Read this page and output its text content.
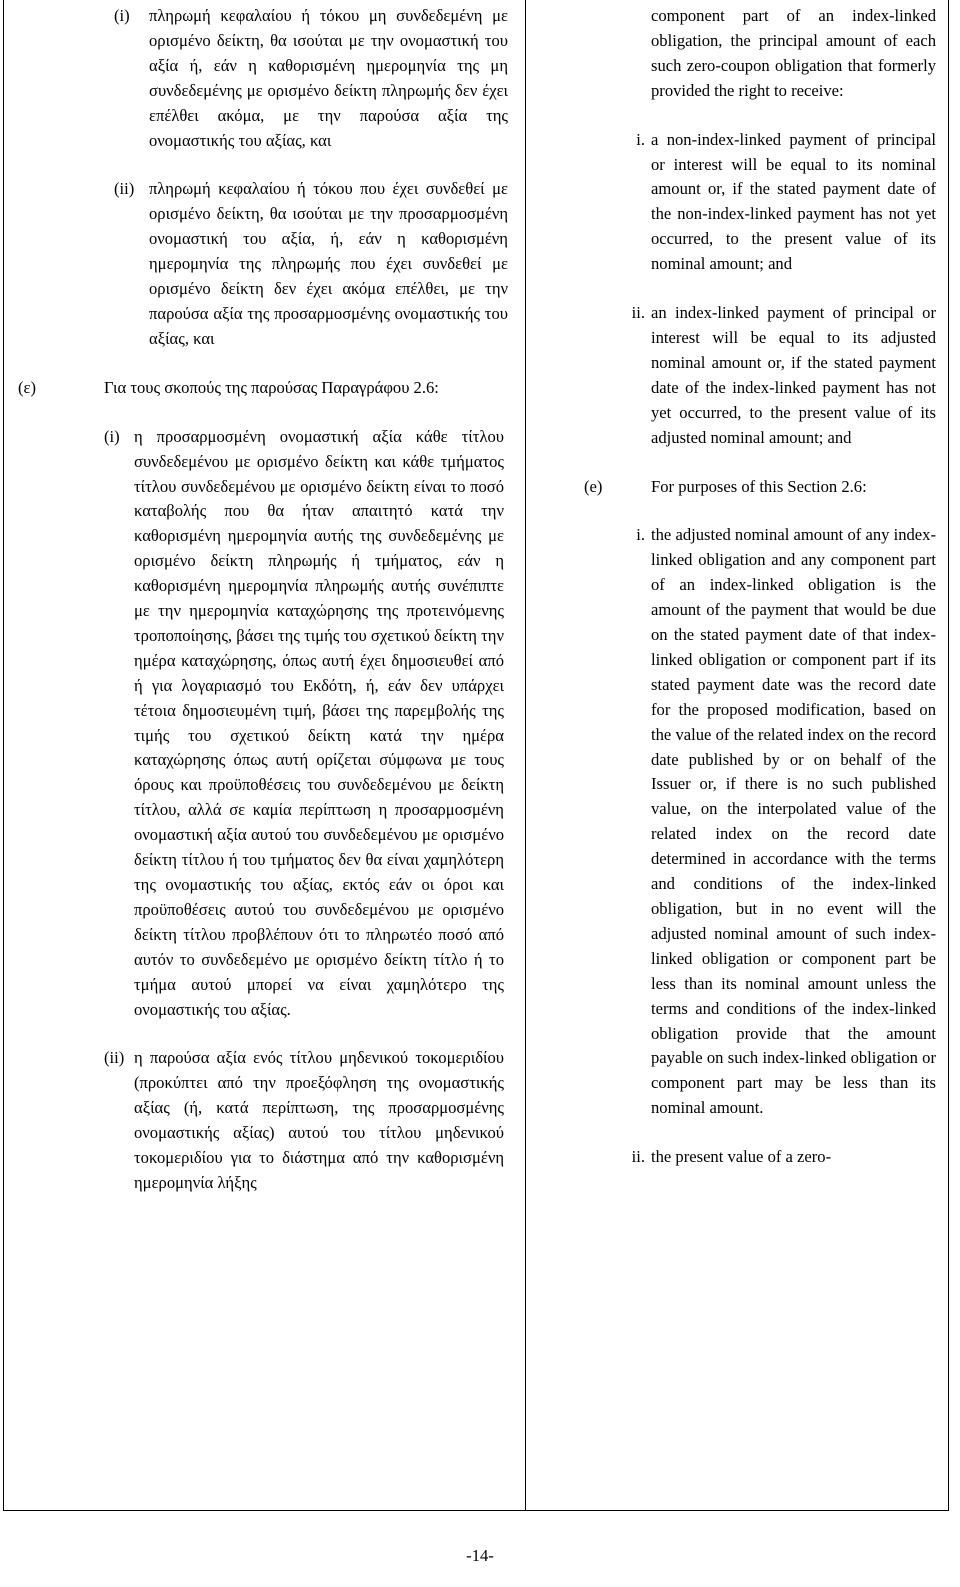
(i)	πληρωμή κεφαλαίου ή τόκου μη συνδεδεμένη με ορισμένο δείκτη, θα ισούται με την ονομαστική του αξία ή, εάν η καθορισμένη ημερομηνία της μη συνδεδεμένης με ορισμένο δείκτη πληρωμής δεν έχει επέλθει ακόμα, με την παρούσα αξία της ονομαστικής του αξίας, και
(ii) πληρωμή κεφαλαίου ή τόκου που έχει συνδεθεί με ορισμένο δείκτη, θα ισούται με την προσαρμοσμένη ονομαστική του αξία, ή, εάν η καθορισμένη ημερομηνία της πληρωμής που έχει συνδεθεί με ορισμένο δείκτη δεν έχει ακόμα επέλθει, με την παρούσα αξία της προσαρμοσμένης ονομαστικής του αξίας, και
(ε)	Για τους σκοπούς της παρούσας Παραγράφου 2.6:
(i) η προσαρμοσμένη ονομαστική αξία κάθε τίτλου συνδεδεμένου με ορισμένο δείκτη και κάθε τμήματος τίτλου συνδεδεμένου με ορισμένο δείκτη είναι το ποσό καταβολής που θα ήταν απαιτητό κατά την καθορισμένη ημερομηνία αυτής της συνδεδεμένης με ορισμένο δείκτη πληρωμής ή τμήματος, εάν η καθορισμένη ημερομηνία πληρωμής αυτής συνέπιπτε με την ημερομηνία καταχώρησης της προτεινόμενης τροποποίησης, βάσει της τιμής του σχετικού δείκτη την ημέρα καταχώρησης, όπως αυτή έχει δημοσιευθεί από ή για λογαριασμό του Εκδότη, ή, εάν δεν υπάρχει τέτοια δημοσιευμένη τιμή, βάσει της παρεμβολής της τιμής του σχετικού δείκτη κατά την ημέρα καταχώρησης όπως αυτή ορίζεται σύμφωνα με τους όρους και προϋποθέσεις του συνδεδεμένου με δείκτη τίτλου, αλλά σε καμία περίπτωση η προσαρμοσμένη ονομαστική αξία αυτού του συνδεδεμένου με ορισμένο δείκτη τίτλου ή του τμήματος δεν θα είναι χαμηλότερη της ονομαστικής του αξίας, εκτός εάν οι όροι και προϋποθέσεις αυτού του συνδεδεμένου με ορισμένο δείκτη τίτλου προβλέπουν ότι το πληρωτέο ποσό από αυτόν το συνδεδεμένο με ορισμένο δείκτη τίτλο ή το τμήμα αυτού μπορεί να είναι χαμηλότερο της ονομαστικής του αξίας.
(ii) η παρούσα αξία ενός τίτλου μηδενικού τοκομεριδίου (προκύπτει από την προεξόφληση της ονομαστικής αξίας (ή, κατά περίπτωση, της προσαρμοσμένης ονομαστικής αξίας) αυτού του τίτλου μηδενικού τοκομεριδίου για το διάστημα από την καθορισμένη ημερομηνία λήξης
component part of an index-linked obligation, the principal amount of each such zero-coupon obligation that formerly provided the right to receive:
i. a non-index-linked payment of principal or interest will be equal to its nominal amount or, if the stated payment date of the non-index-linked payment has not yet occurred, to the present value of its nominal amount; and
ii. an index-linked payment of principal or interest will be equal to its adjusted nominal amount or, if the stated payment date of the index-linked payment has not yet occurred, to the present value of its adjusted nominal amount; and
(e)	For purposes of this Section 2.6:
i. the adjusted nominal amount of any index-linked obligation and any component part of an index-linked obligation is the amount of the payment that would be due on the stated payment date of that index-linked obligation or component part if its stated payment date was the record date for the proposed modification, based on the value of the related index on the record date published by or on behalf of the Issuer or, if there is no such published value, on the interpolated value of the related index on the record date determined in accordance with the terms and conditions of the index-linked obligation, but in no event will the adjusted nominal amount of such index-linked obligation or component part be less than its nominal amount unless the terms and conditions of the index-linked obligation provide that the amount payable on such index-linked obligation or component part may be less than its nominal amount.
ii. the present value of a zero-
-14-
